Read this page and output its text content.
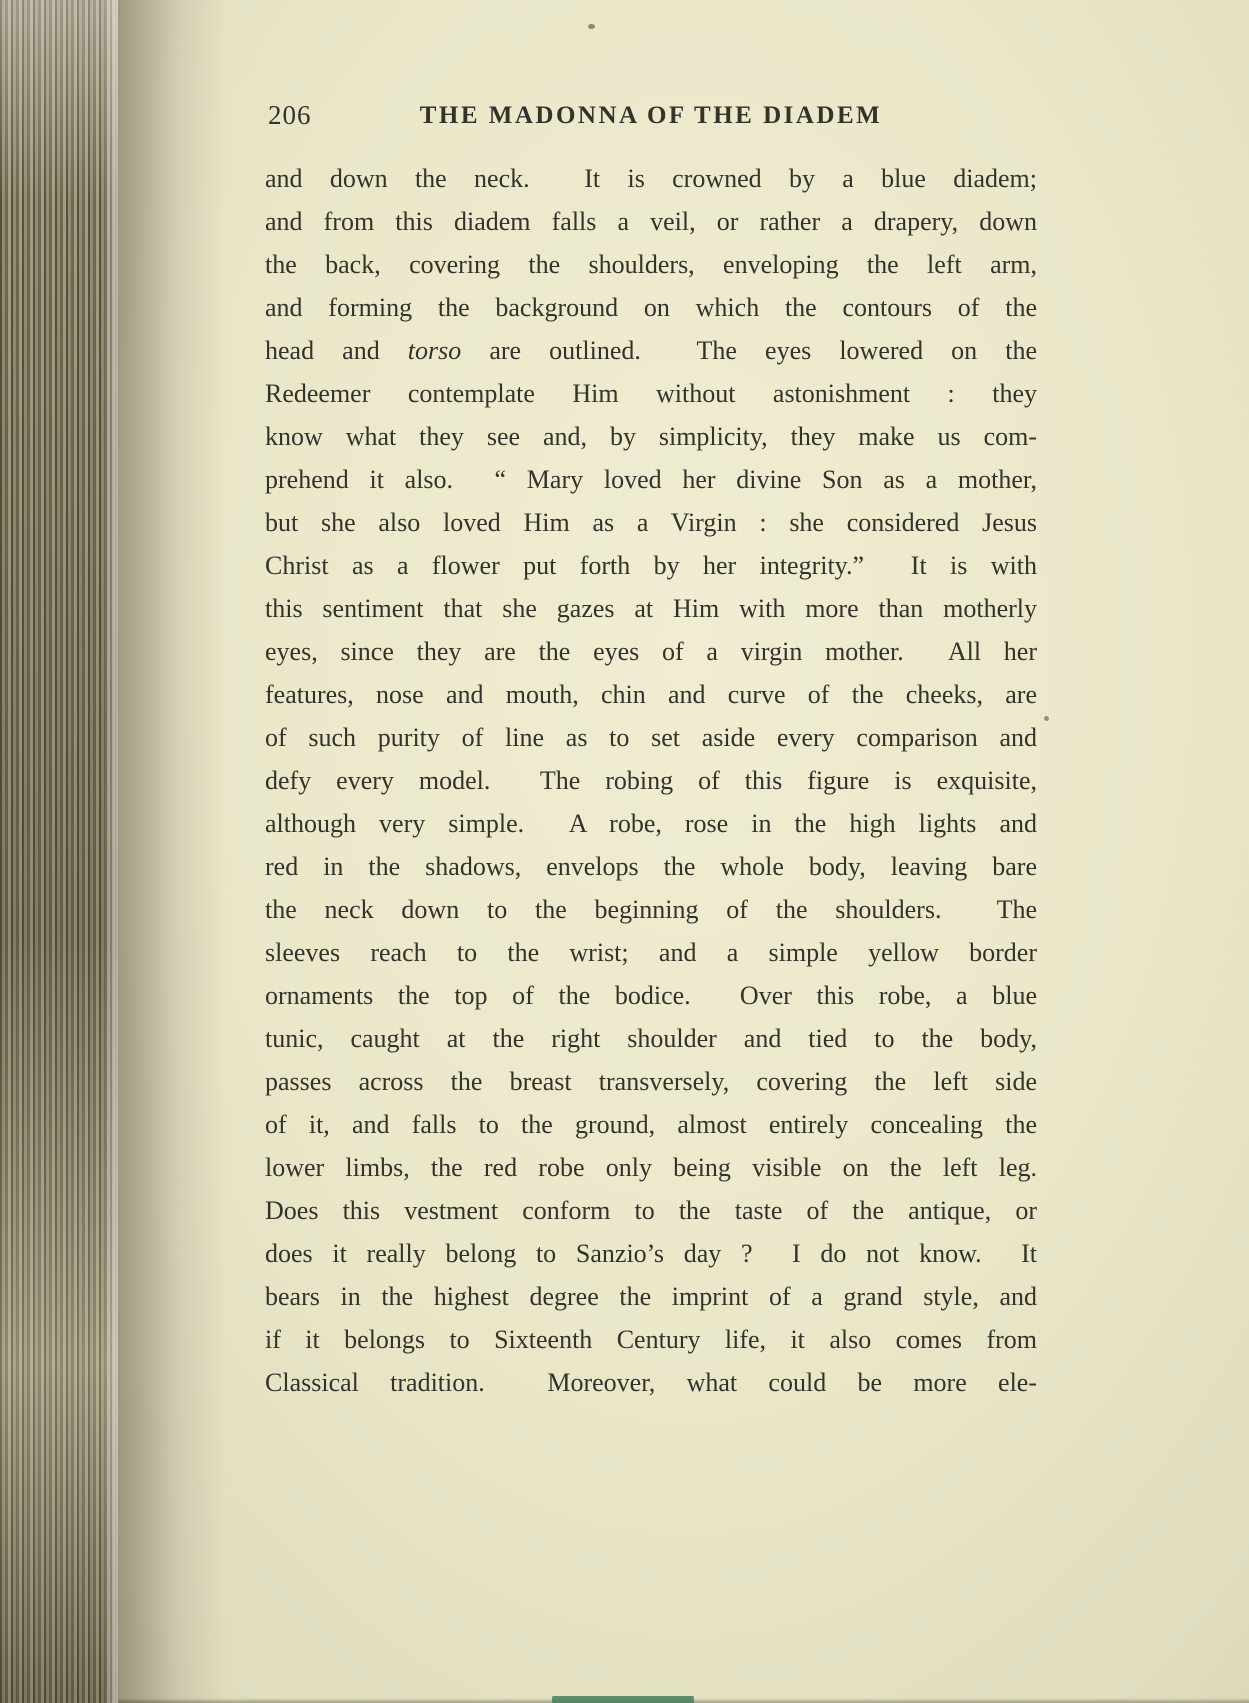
206	THE MADONNA OF THE DIADEM
and down the neck.  It is crowned by a blue diadem;
and from this diadem falls a veil, or rather a drapery, down
the back, covering the shoulders, enveloping the left arm,
and forming the background on which the contours of the
head and torso are outlined.  The eyes lowered on the
Redeemer contemplate Him without astonishment : they
know what they see and, by simplicity, they make us com-
prehend it also.  “ Mary loved her divine Son as a mother,
but she also loved Him as a Virgin : she considered Jesus
Christ as a flower put forth by her integrity.”  It is with
this sentiment that she gazes at Him with more than motherly
eyes, since they are the eyes of a virgin mother.  All her
features, nose and mouth, chin and curve of the cheeks, are
of such purity of line as to set aside every comparison and
defy every model.  The robing of this figure is exquisite,
although very simple.  A robe, rose in the high lights and
red in the shadows, envelops the whole body, leaving bare
the neck down to the beginning of the shoulders.  The
sleeves reach to the wrist; and a simple yellow border
ornaments the top of the bodice.  Over this robe, a blue
tunic, caught at the right shoulder and tied to the body,
passes across the breast transversely, covering the left side
of it, and falls to the ground, almost entirely concealing the
lower limbs, the red robe only being visible on the left leg.
Does this vestment conform to the taste of the antique, or
does it really belong to Sanzio’s day ?  I do not know.  It
bears in the highest degree the imprint of a grand style, and
if it belongs to Sixteenth Century life, it also comes from
Classical tradition.  Moreover, what could be more ele-
